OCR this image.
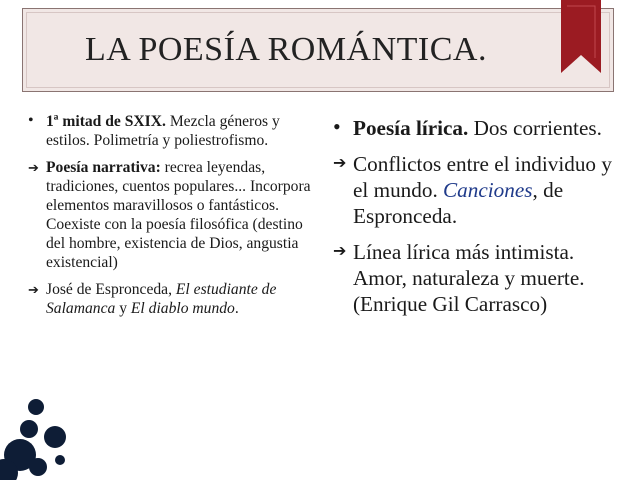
LA POESÍA ROMÁNTICA.
• 1ª mitad de SXIX. Mezcla géneros y estilos. Polimetría y poliestrofismo.
➔ Poesía narrativa: recrea leyendas, tradiciones, cuentos populares... Incorpora elementos maravillosos o fantásticos. Coexiste con la poesía filosófica (destino del hombre, existencia de Dios, angustia existencial)
➔ José de Espronceda, El estudiante de Salamanca y El diablo mundo.
• Poesía lírica. Dos corrientes.
➔ Conflictos entre el individuo y el mundo. Canciones, de Espronceda.
➔ Línea lírica más intimista. Amor, naturaleza y muerte. (Enrique Gil Carrasco)
